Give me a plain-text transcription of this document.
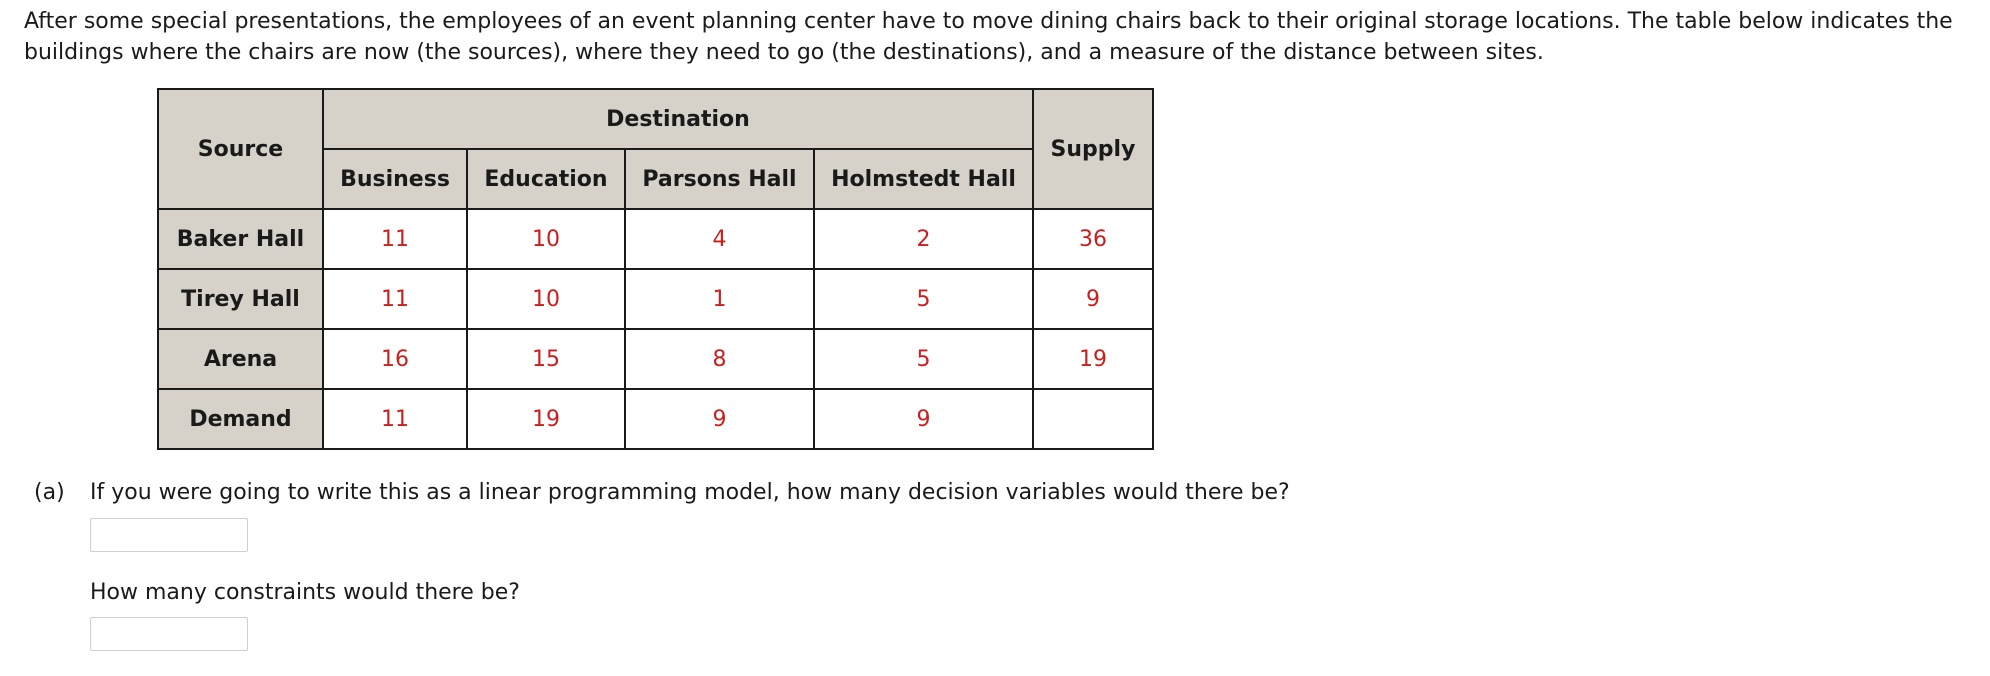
After some special presentations, the employees of an event planning center have to move dining chairs back to their original storage locations. The table below indicates the buildings where the chairs are now (the sources), where they need to go (the destinations), and a measure of the distance between sites.

Source	Destination				Supply
	Business	Education	Parsons Hall	Holmstedt Hall	
Baker Hall	11	10	4	2	36
Tirey Hall	11	10	1	5	9
Arena	16	15	8	5	19
Demand	11	19	9	9	
(a) If you were going to write this as a linear programming model, how many decision variables would there be?
How many constraints would there be?
